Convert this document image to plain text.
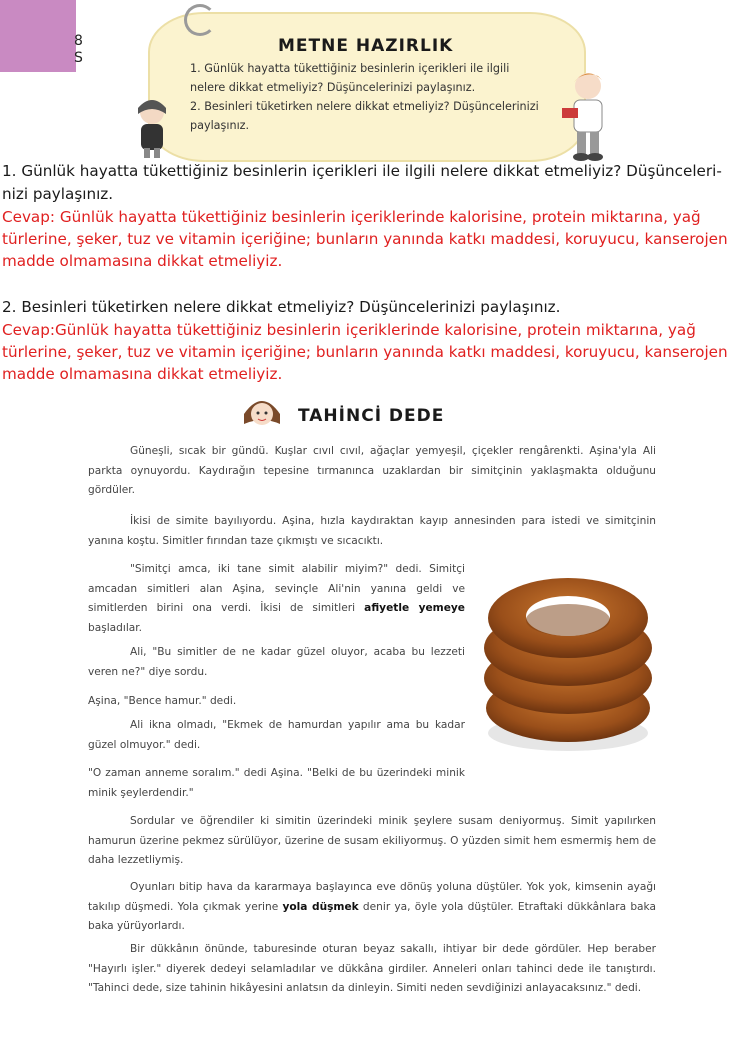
8
S
METNE HAZIRLIK
1. Günlük hayatta tükettiğiniz besinlerin içerikleri ile ilgili
nelere dikkat etmeliyiz? Düşüncelerinizi paylaşınız.
2. Besinleri tüketirken nelere dikkat etmeliyiz? Düşüncelerinizi
paylaşınız.
1. Günlük hayatta tükettiğiniz besinlerin içerikleri ile ilgili nelere dikkat etmeliyiz? Düşünceleri-nizi paylaşınız.
Cevap: Günlük hayatta tükettiğiniz besinlerin içeriklerinde kalorisine, protein miktarına, yağ türlerine, şeker, tuz ve vitamin içeriğine; bunların yanında katkı maddesi, koruyucu, kanserojen madde olmamasına dikkat etmeliyiz.
2. Besinleri tüketirken nelere dikkat etmeliyiz? Düşüncelerinizi paylaşınız.
Cevap:Günlük hayatta tükettiğiniz besinlerin içeriklerinde kalorisine, protein miktarına, yağ türlerine, şeker, tuz ve vitamin içeriğine; bunların yanında katkı maddesi, koruyucu, kanserojen madde olmamasına dikkat etmeliyiz.
TAHİNCİ DEDE
Güneşli, sıcak bir gündü. Kuşlar cıvıl cıvıl, ağaçlar yemyeşil, çiçekler rengârenkti. Aşina'yla Ali parkta oynuyordu. Kaydırağın tepesine tırmanınca uzaklardan bir simitçinin yaklaşmakta olduğunu gördüler.
İkisi de simite bayılıyordu. Aşina, hızla kaydıraktan kayıp annesinden para istedi ve simitçinin yanına koştu. Simitler fırından taze çıkmıştı ve sıcacıktı.
"Simitçi amca, iki tane simit alabilir miyim?" dedi. Simitçi amcadan simitleri alan Aşina, sevinçle Ali'nin yanına geldi ve simitlerden birini ona verdi. İkisi de simitleri afiyetle yemeye başladılar.
Ali, "Bu simitler de ne kadar güzel oluyor, acaba bu lezzeti veren ne?" diye sordu.
Aşina, "Bence hamur." dedi.
Ali ikna olmadı, "Ekmek de hamurdan yapılır ama bu kadar güzel olmuyor." dedi.
"O zaman anneme soralım." dedi Aşina. "Belki de bu üzerindeki minik minik şeylerdendir."
Sordular ve öğrendiler ki simitin üzerindeki minik şeylere susam deniyormuş. Simit yapılırken hamurun üzerine pekmez sürülüyor, üzerine de susam ekiliyormuş. O yüzden simit hem esmermiş hem de daha lezzetliymiş.
Oyunları bitip hava da kararmaya başlayınca eve dönüş yoluna düştüler. Yok yok, kimsenin ayağı takılıp düşmedi. Yola çıkmak yerine yola düşmek denir ya, öyle yola düştüler. Etraftaki dükkânlara baka baka yürüyorlardı.
Bir dükkânın önünde, taburesinde oturan beyaz sakallı, ihtiyar bir dede gördüler. Hep beraber "Hayırlı işler." diyerek dedeyi selamladılar ve dükkâna girdiler. Anneleri onları tahinci dede ile tanıştırdı. "Tahinci dede, size tahinin hikâyesini anlatsın da dinleyin. Simiti neden sevdiğinizi anlayacaksınız." dedi.
